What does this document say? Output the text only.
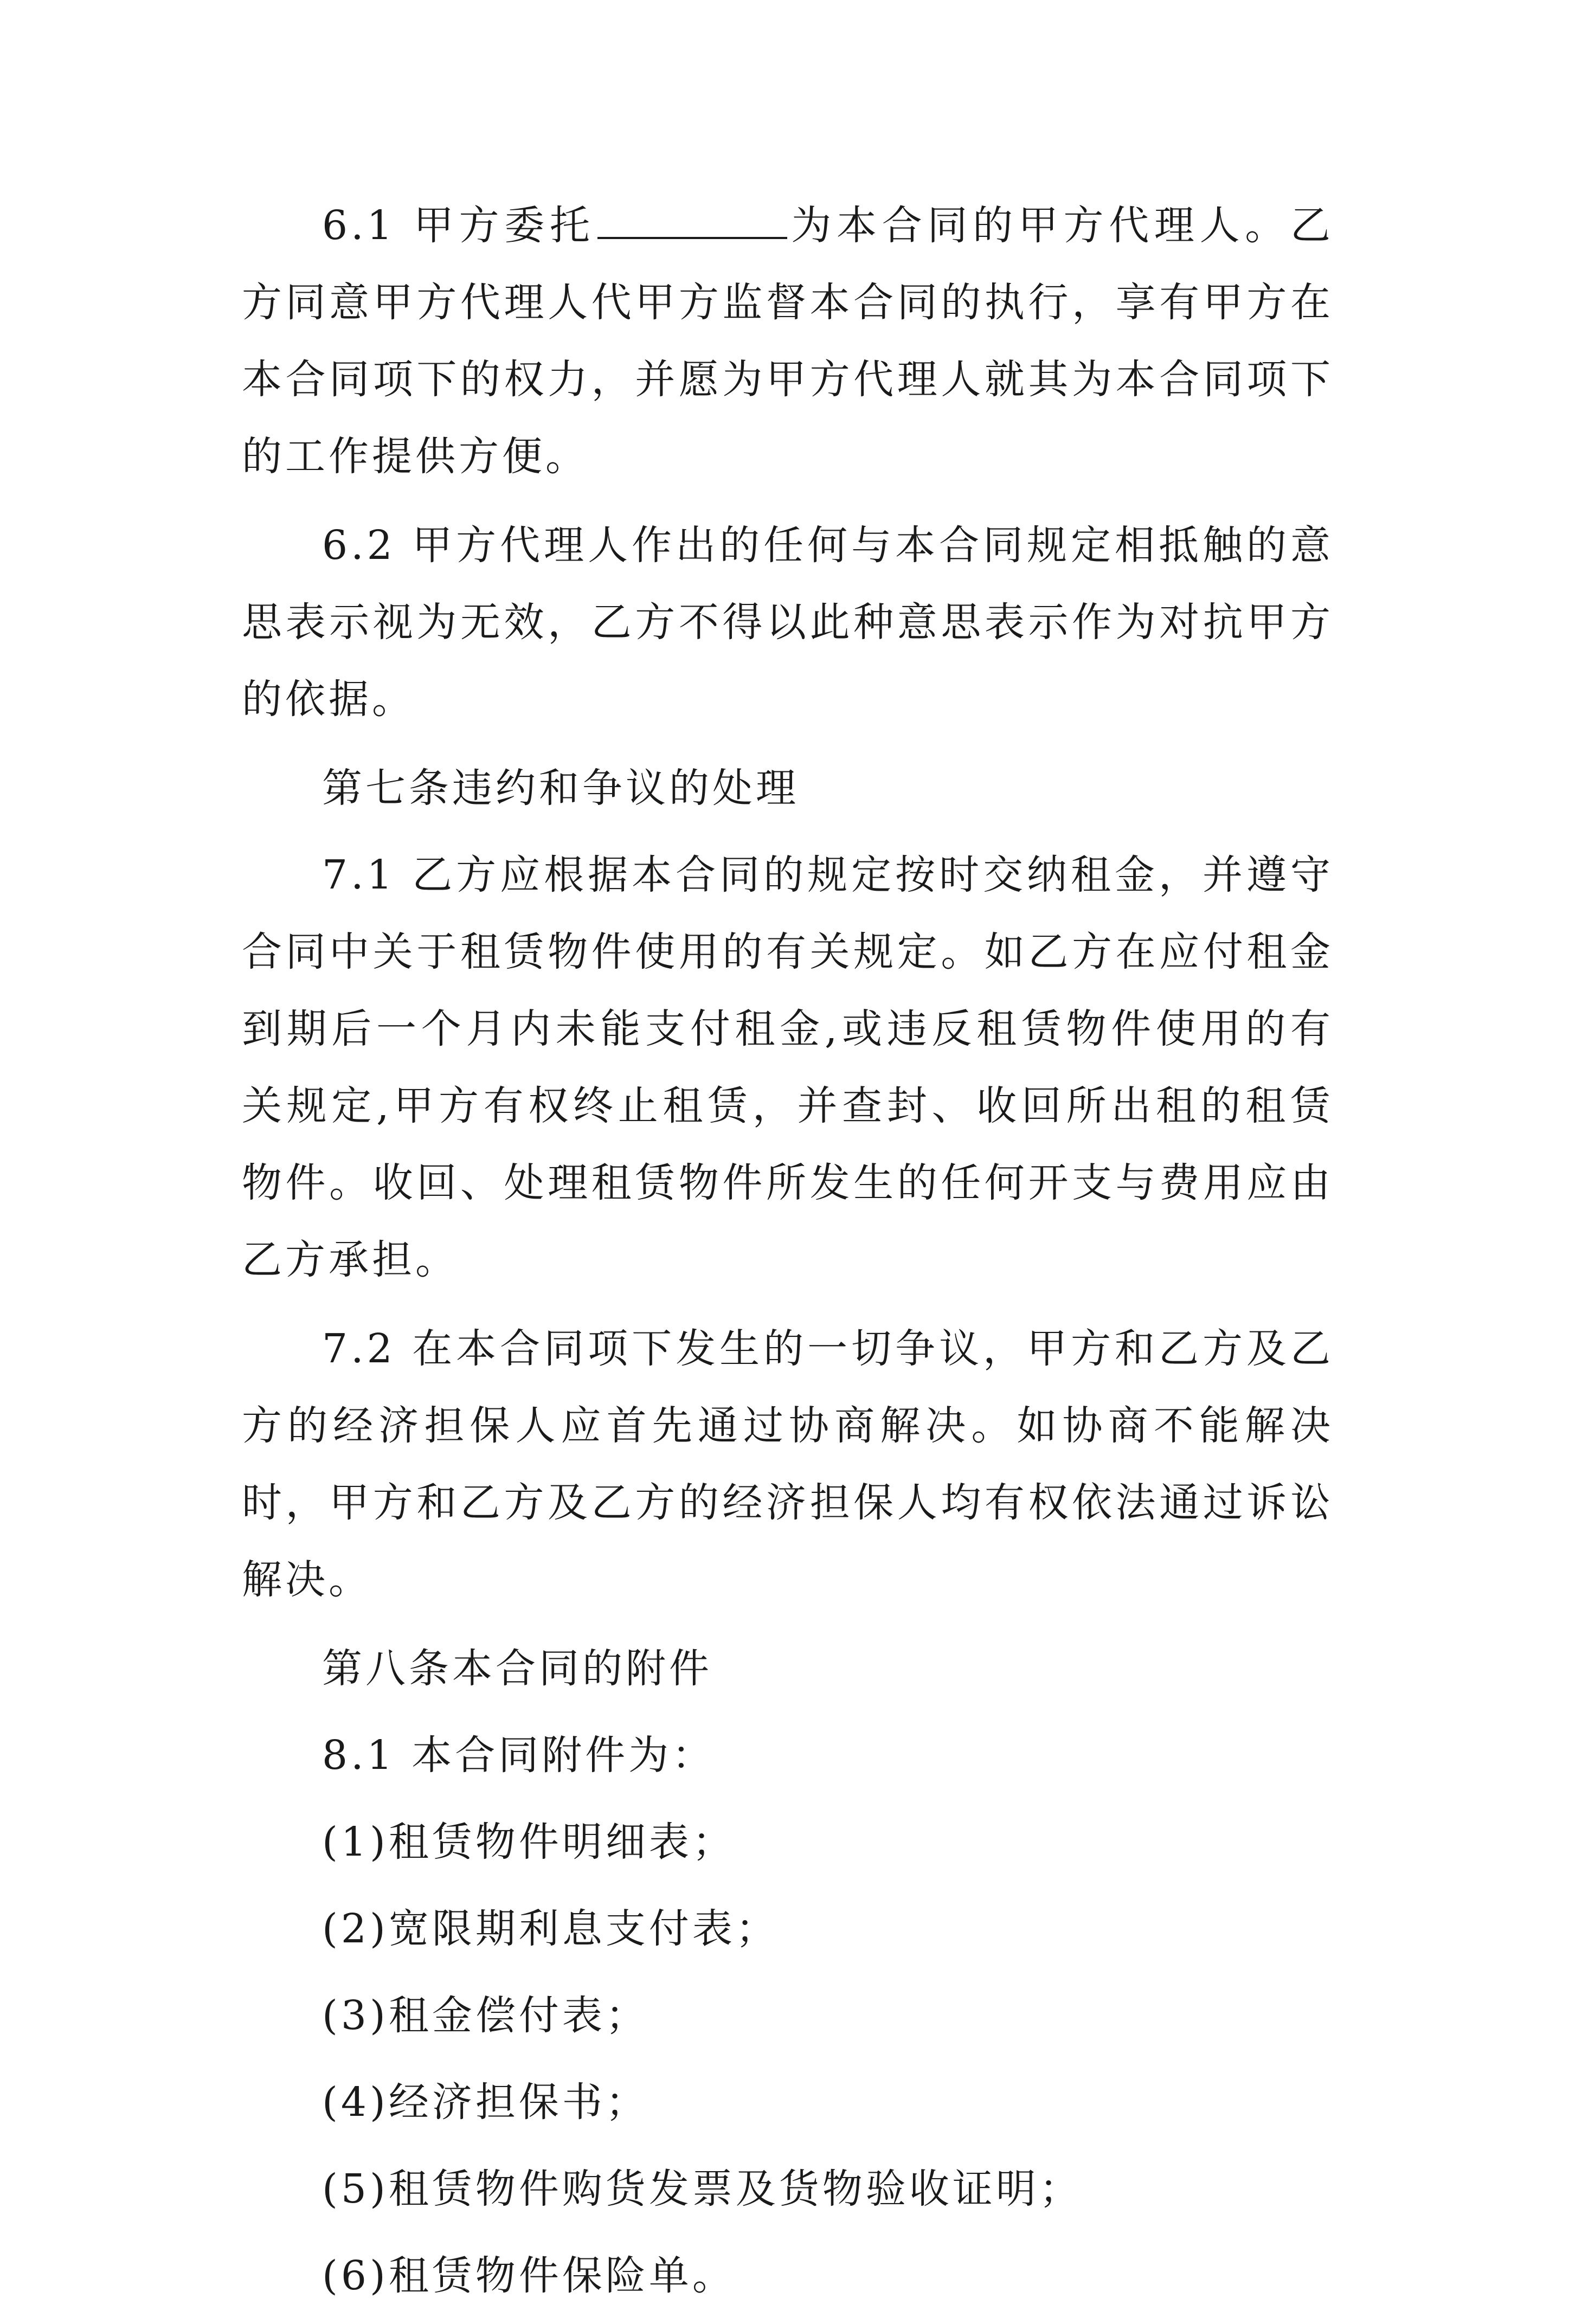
6.1 甲方委托	为本合同的甲方代理人。乙方同意甲方代理人代甲方监督本合同的执行，享有甲方在本合同项下的权力，并愿为甲方代理人就其为本合同项下的工作提供方便。

6.2 甲方代理人作出的任何与本合同规定相抵触的意思表示视为无效，乙方不得以此种意思表示作为对抗甲方的依据。

第七条违约和争议的处理

7.1 乙方应根据本合同的规定按时交纳租金，并遵守合同中关于租赁物件使用的有关规定。如乙方在应付租金到期后一个月内未能支付租金,或违反租赁物件使用的有关规定,甲方有权终止租赁，并查封、收回所出租的租赁物件。收回、处理租赁物件所发生的任何开支与费用应由乙方承担。

7.2 在本合同项下发生的一切争议，甲方和乙方及乙方的经济担保人应首先通过协商解决。如协商不能解决时，甲方和乙方及乙方的经济担保人均有权依法通过诉讼解决。

第八条本合同的附件

8.1 本合同附件为：

(1)租赁物件明细表；

(2)宽限期利息支付表；

(3)租金偿付表；

(4)经济担保书；

(5)租赁物件购货发票及货物验收证明；

(6)租赁物件保险单。
